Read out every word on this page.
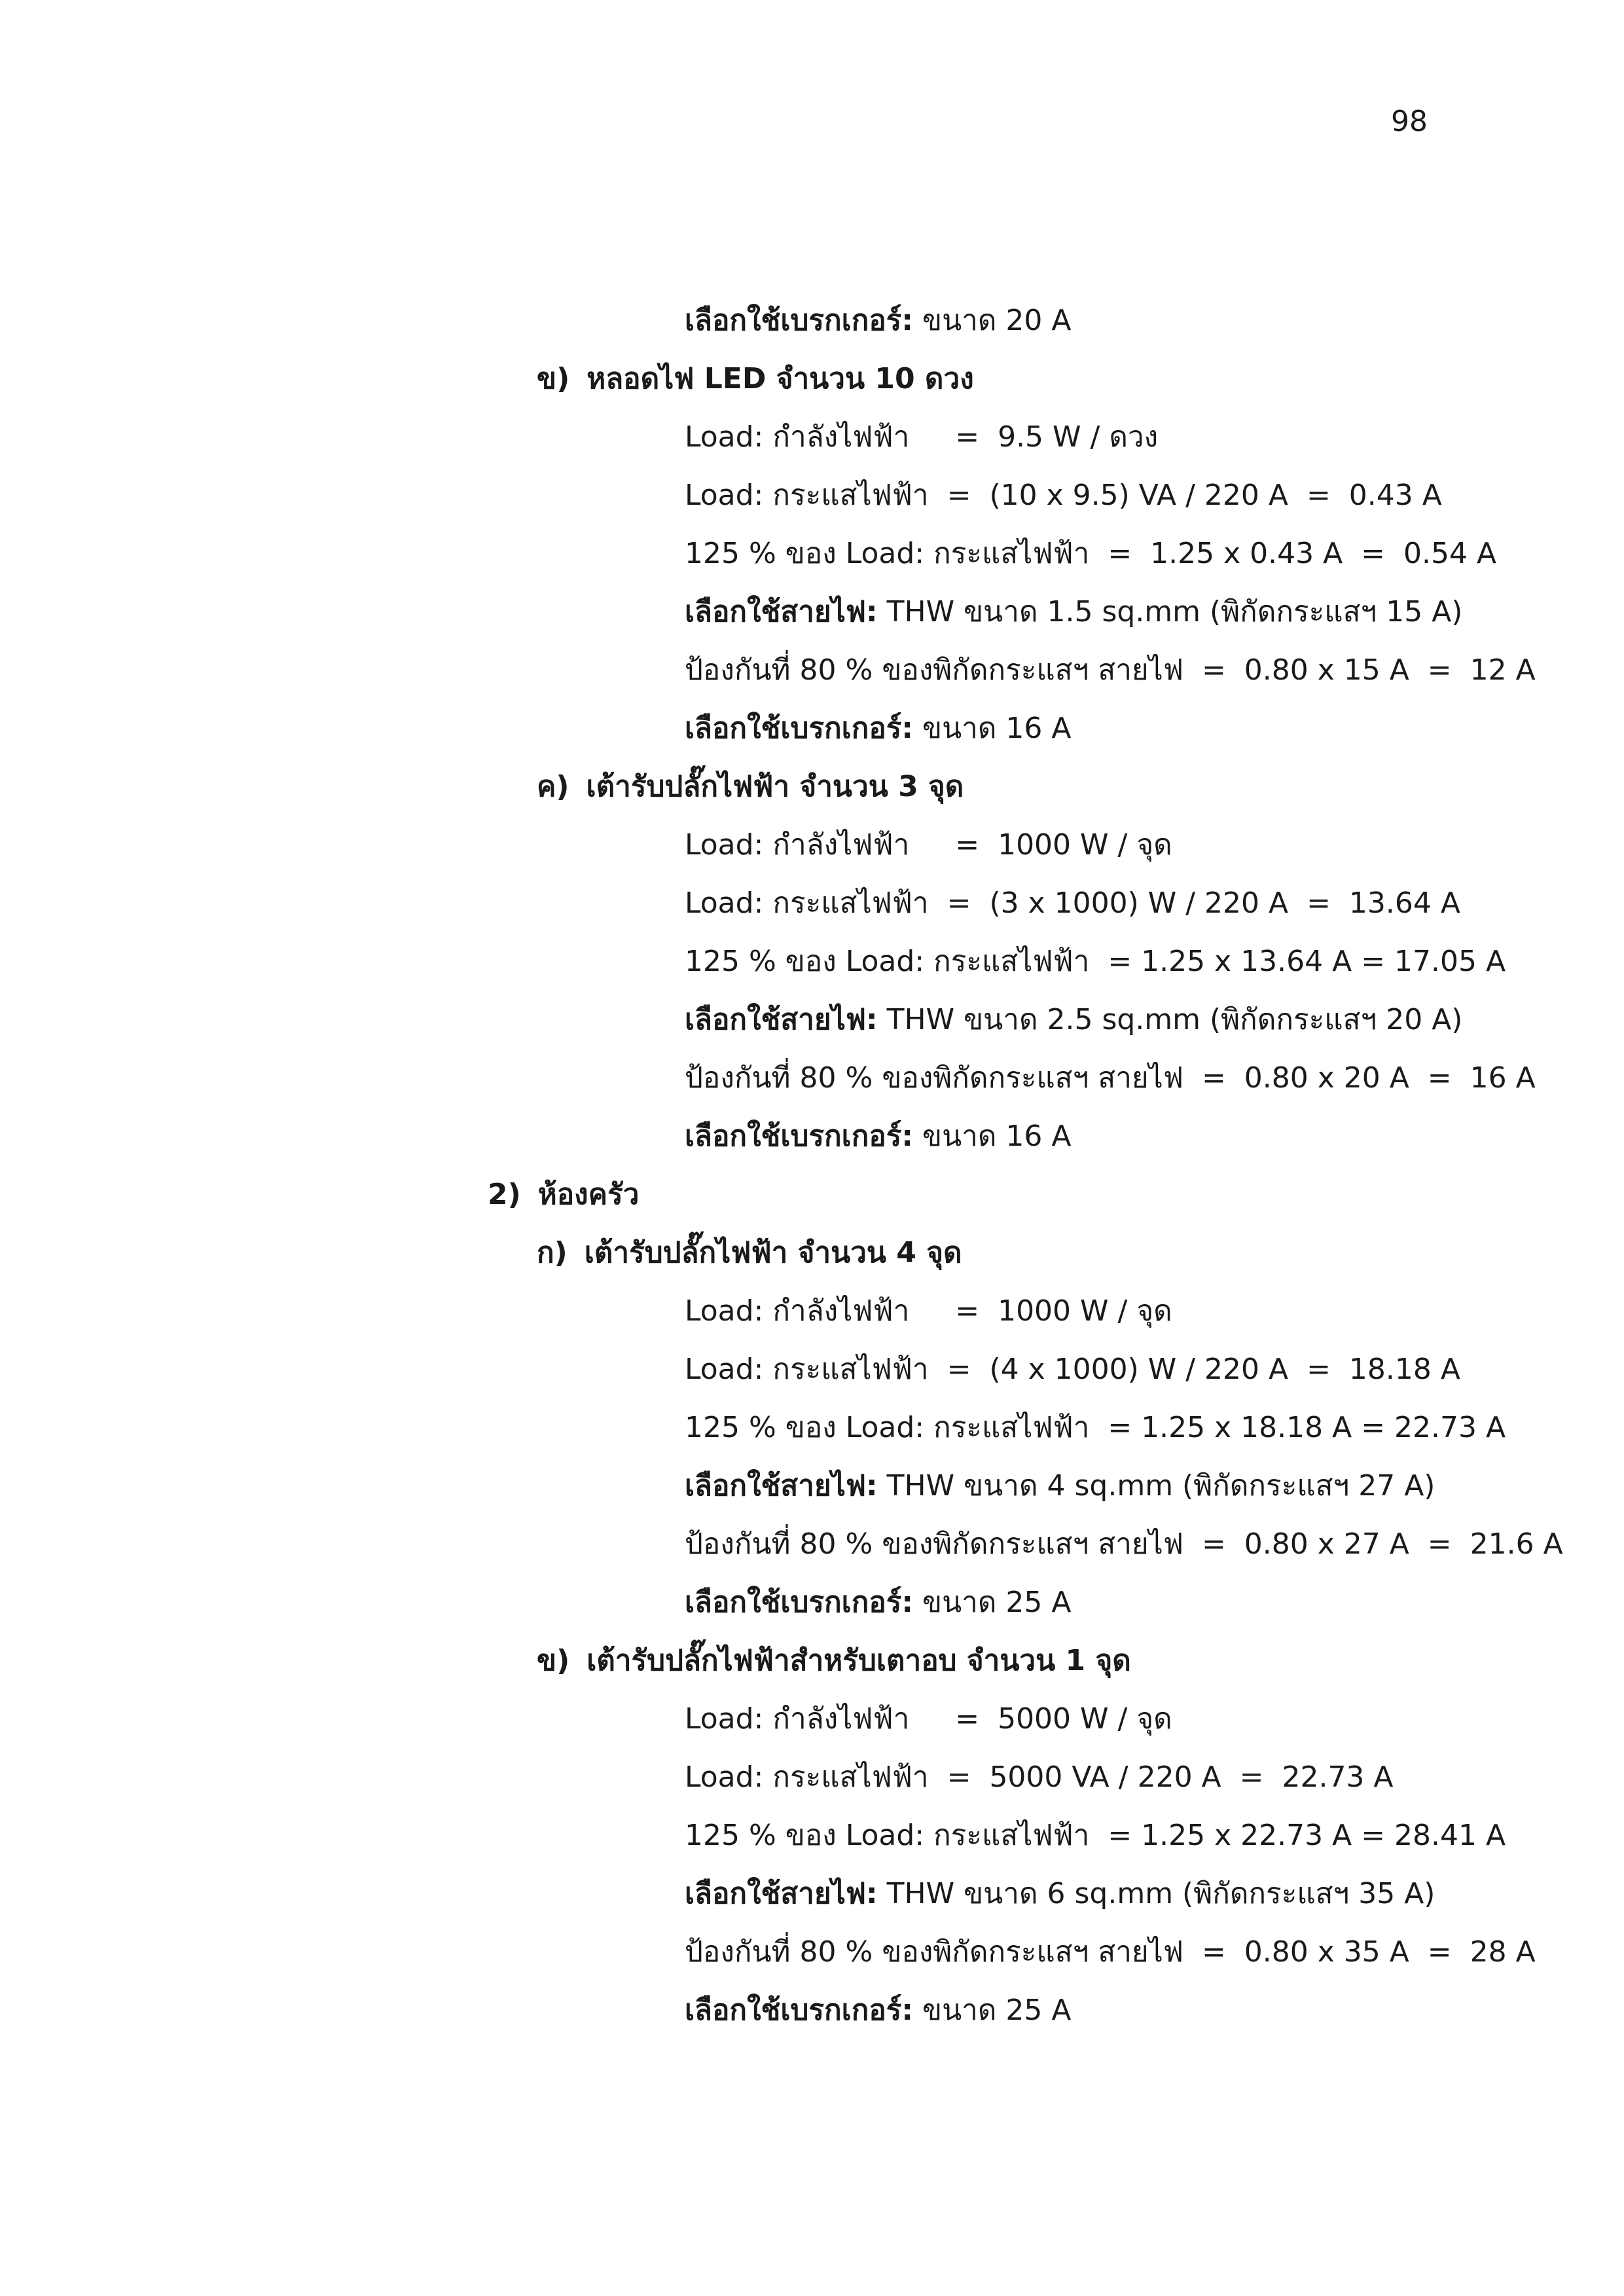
98
เลือกใช้เบรกเกอร์: ขนาด 20 A
ข) หลอดไฟ LED จำนวน 10 ดวง
Load: กำลังไฟฟ้า     =  9.5 W / ดวง
Load: กระแสไฟฟ้า  =  (10 x 9.5) VA / 220 A  =  0.43 A
125 % ของ Load: กระแสไฟฟ้า  =  1.25 x 0.43 A  =  0.54 A
เลือกใช้สายไฟ: THW ขนาด 1.5 sq.mm (พิกัดกระแสฯ 15 A)
ป้องกันที่ 80 % ของพิกัดกระแสฯ สายไฟ  =  0.80 x 15 A  =  12 A
เลือกใช้เบรกเกอร์: ขนาด 16 A
ค) เต้ารับปลั๊กไฟฟ้า จำนวน 3 จุด
Load: กำลังไฟฟ้า     =  1000 W / จุด
Load: กระแสไฟฟ้า  =  (3 x 1000) W / 220 A  =  13.64 A
125 % ของ Load: กระแสไฟฟ้า  = 1.25 x 13.64 A = 17.05 A
เลือกใช้สายไฟ: THW ขนาด 2.5 sq.mm (พิกัดกระแสฯ 20 A)
ป้องกันที่ 80 % ของพิกัดกระแสฯ สายไฟ  =  0.80 x 20 A  =  16 A
เลือกใช้เบรกเกอร์: ขนาด 16 A
2) ห้องครัว
ก) เต้ารับปลั๊กไฟฟ้า จำนวน 4 จุด
Load: กำลังไฟฟ้า     =  1000 W / จุด
Load: กระแสไฟฟ้า  =  (4 x 1000) W / 220 A  =  18.18 A
125 % ของ Load: กระแสไฟฟ้า  = 1.25 x 18.18 A = 22.73 A
เลือกใช้สายไฟ: THW ขนาด 4 sq.mm (พิกัดกระแสฯ 27 A)
ป้องกันที่ 80 % ของพิกัดกระแสฯ สายไฟ  =  0.80 x 27 A  =  21.6 A
เลือกใช้เบรกเกอร์: ขนาด 25 A
ข) เต้ารับปลั๊กไฟฟ้าสำหรับเตาอบ จำนวน 1 จุด
Load: กำลังไฟฟ้า     =  5000 W / จุด
Load: กระแสไฟฟ้า  =  5000 VA / 220 A  =  22.73 A
125 % ของ Load: กระแสไฟฟ้า  = 1.25 x 22.73 A = 28.41 A
เลือกใช้สายไฟ: THW ขนาด 6 sq.mm (พิกัดกระแสฯ 35 A)
ป้องกันที่ 80 % ของพิกัดกระแสฯ สายไฟ  =  0.80 x 35 A  =  28 A
เลือกใช้เบรกเกอร์: ขนาด 25 A
